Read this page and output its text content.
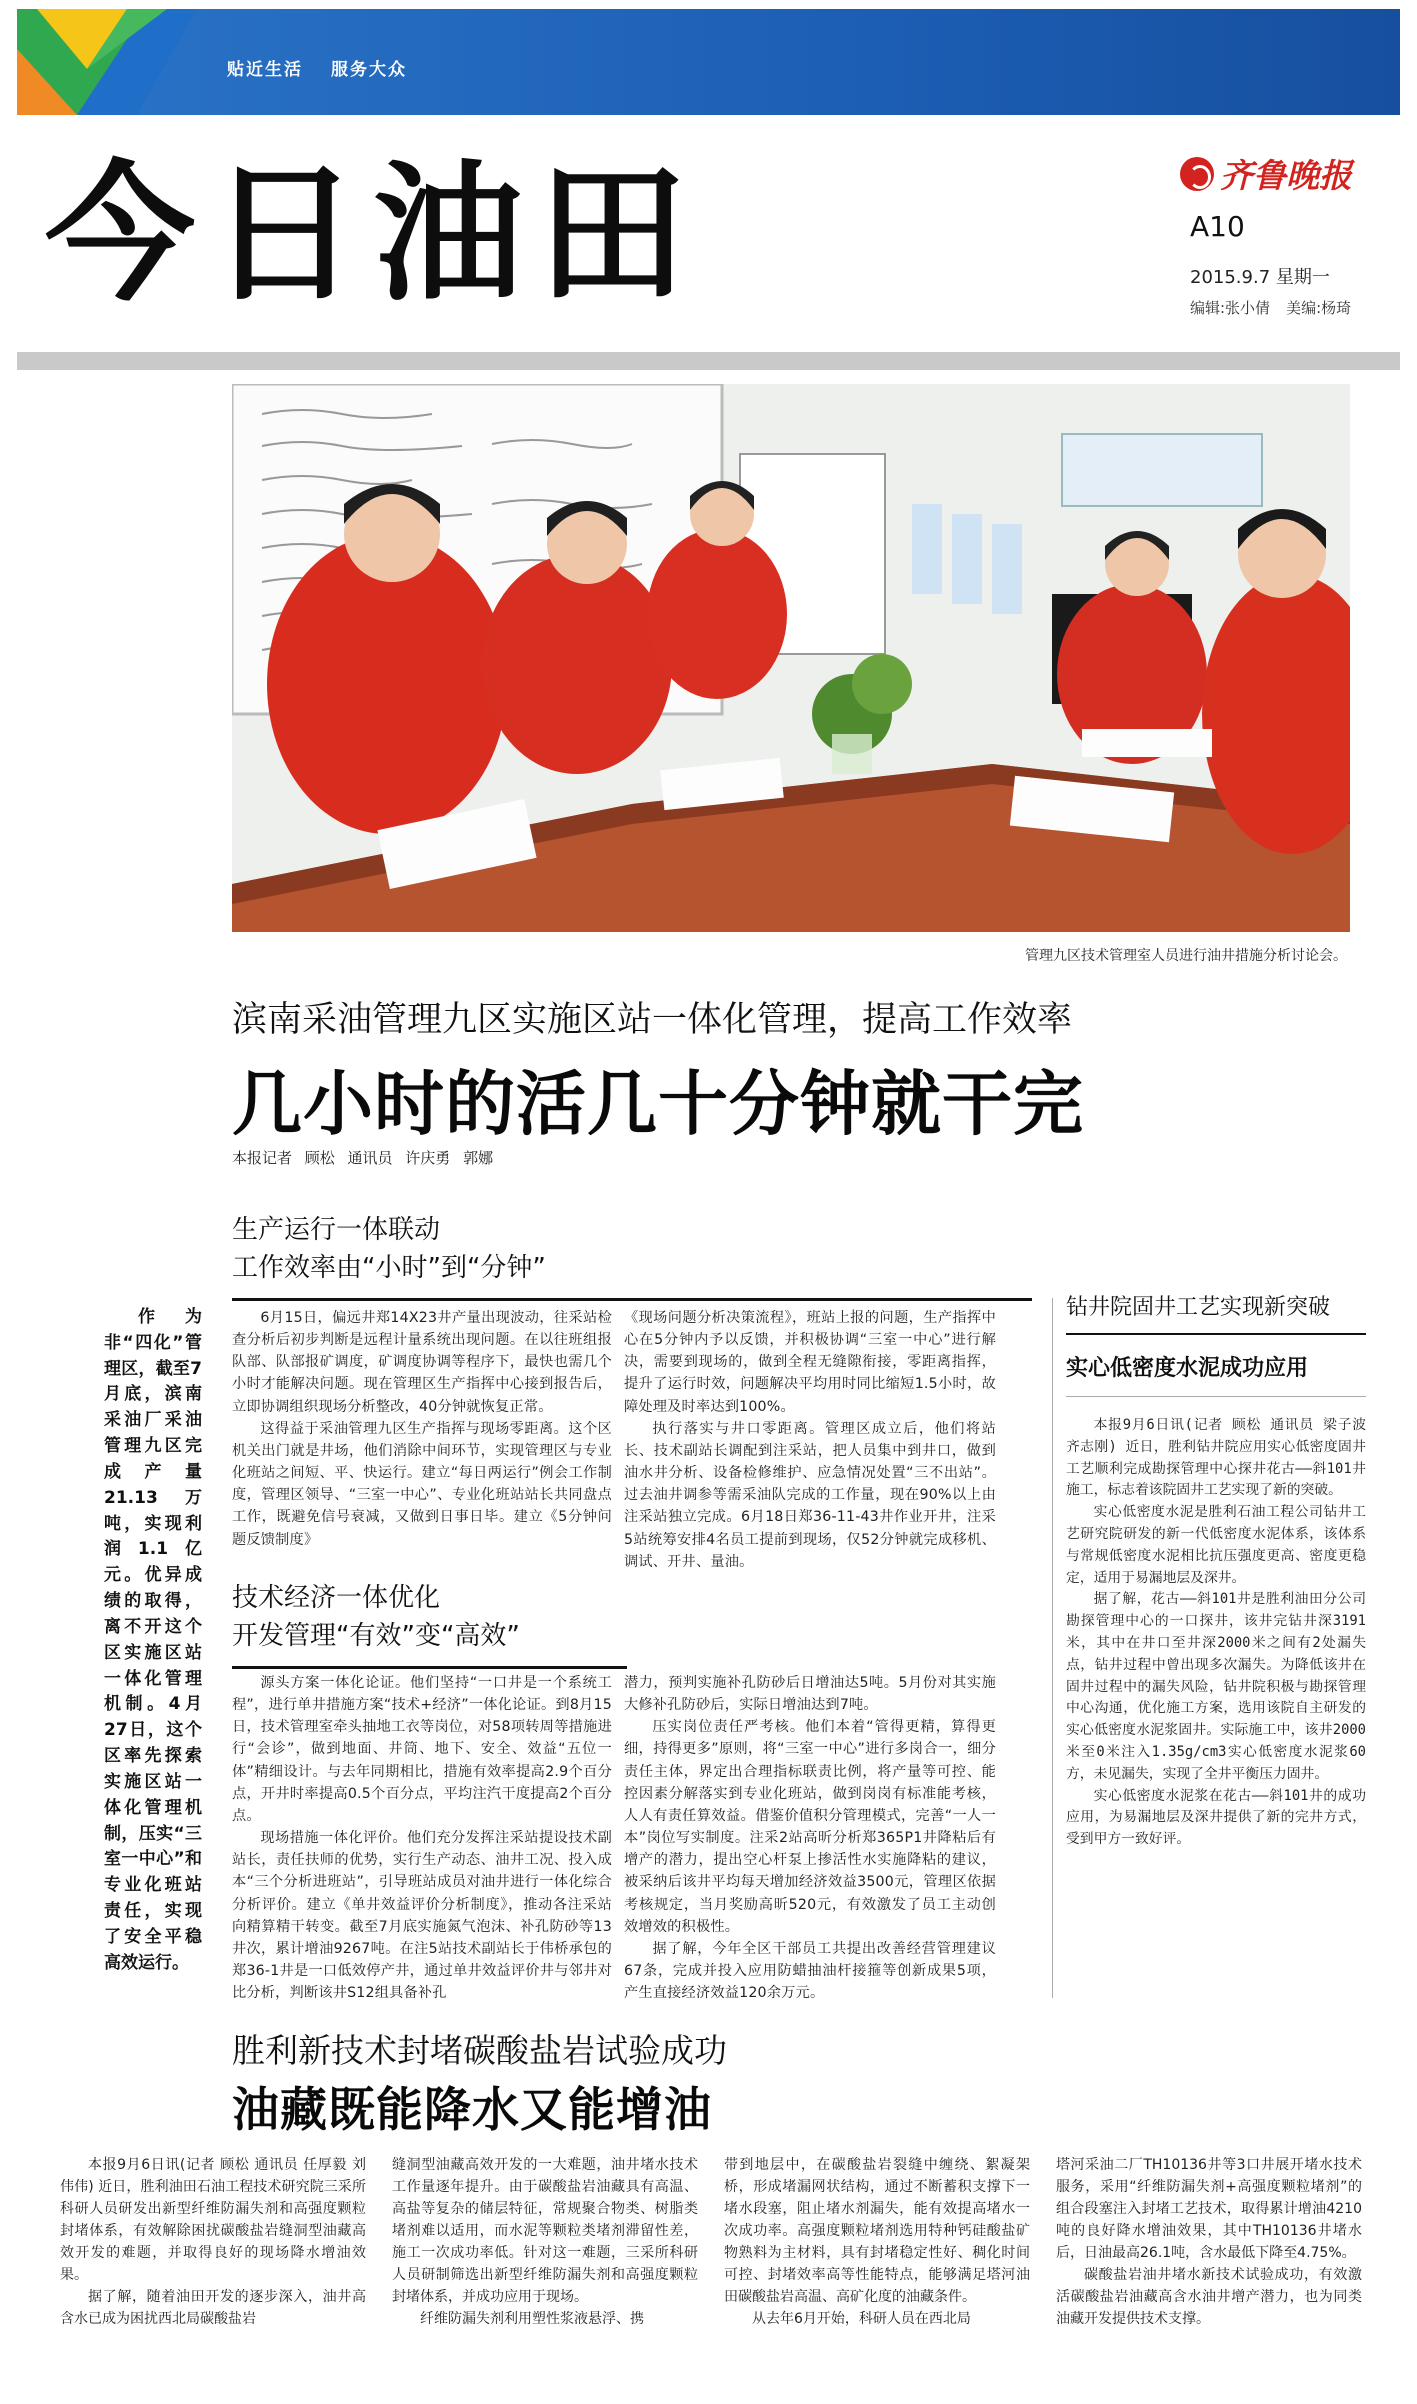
贴近生活 服务大众
今日油田	齐鲁晚报
A10
2015.9.7 星期一
编辑:张小倩 美编:杨琦
管理九区技术管理室人员进行油井措施分析讨论会。
滨南采油管理九区实施区站一体化管理，提高工作效率
几小时的活几十分钟就干完
本报记者 顾松 通讯员 许庆勇 郭娜
作为非“四化”管理区，截至7月底，滨南采油厂采油管理九区完成产量21.13万吨，实现利润1.1亿元。优异成绩的取得，离不开这个区实施区站一体化管理机制。4月27日，这个区率先探索实施区站一体化管理机制，压实“三室一中心”和专业化班站责任，实现了安全平稳高效运行。
生产运行一体联动
工作效率由“小时”到“分钟”

6月15日，偏远井郑14X23井产量出现波动，往采站检查分析后初步判断是远程计量系统出现问题。在以往班组报队部、队部报矿调度，矿调度协调等程序下，最快也需几个小时才能解决问题。现在管理区生产指挥中心接到报告后，立即协调组织现场分析整改，40分钟就恢复正常。

这得益于采油管理九区生产指挥与现场零距离。这个区机关出门就是井场，他们消除中间环节，实现管理区与专业化班站之间短、平、快运行。建立“每日两运行”例会工作制度，管理区领导、“三室一中心”、专业化班站站长共同盘点工作，既避免信号衰减，又做到日事日毕。建立《5分钟问题反馈制度》

《现场问题分析决策流程》，班站上报的问题，生产指挥中心在5分钟内予以反馈，并积极协调“三室一中心”进行解决，需要到现场的，做到全程无缝隙衔接，零距离指挥，提升了运行时效，问题解决平均用时同比缩短1.5小时，故障处理及时率达到100%。

执行落实与井口零距离。管理区成立后，他们将站长、技术副站长调配到注采站，把人员集中到井口，做到油水井分析、设备检修维护、应急情况处置“三不出站”。过去油井调参等需采油队完成的工作量，现在90%以上由注采站独立完成。6月18日郑36-11-43井作业开井，注采5站统筹安排4名员工提前到现场，仅52分钟就完成移机、调试、开井、量油。

技术经济一体优化
开发管理“有效”变“高效”

源头方案一体化论证。他们坚持“一口井是一个系统工程”，进行单井措施方案“技术+经济”一体化论证。到8月15日，技术管理室牵头抽地工衣等岗位，对58项转周等措施进行“会诊”，做到地面、井筒、地下、安全、效益“五位一体”精细设计。与去年同期相比，措施有效率提高2.9个百分点，开井时率提高0.5个百分点，平均注汽干度提高2个百分点。

现场措施一体化评价。他们充分发挥注采站提设技术副站长，责任扶师的优势，实行生产动态、油井工况、投入成本“三个分析进班站”，引导班站成员对油井进行一体化综合分析评价。建立《单井效益评价分析制度》，推动各注采站向精算精干转变。截至7月底实施氮气泡沫、补孔防砂等13井次，累计增油9267吨。在注5站技术副站长于伟桥承包的郑36-1井是一口低效停产井，通过单井效益评价井与邻井对比分析，判断该井S12组具备补孔

潜力，预判实施补孔防砂后日增油达5吨。5月份对其实施大修补孔防砂后，实际日增油达到7吨。

压实岗位责任严考核。他们本着“管得更精，算得更细，持得更多”原则，将“三室一中心”进行多岗合一，细分责任主体，界定出合理指标联责比例，将产量等可控、能控因素分解落实到专业化班站，做到岗岗有标准能考核，人人有责任算效益。借鉴价值积分管理模式，完善“一人一本”岗位写实制度。注采2站高昕分析郑365P1井降粘后有增产的潜力，提出空心杆泵上掺活性水实施降粘的建议，被采纳后该井平均每天增加经济效益3500元，管理区依据考核规定，当月奖励高昕520元，有效激发了员工主动创效增效的积极性。

据了解，今年全区干部员工共提出改善经营管理建议67条，完成并投入应用防蜡抽油杆接箍等创新成果5项，产生直接经济效益120余万元。

钻井院固井工艺实现新突破
实心低密度水泥成功应用

本报9月6日讯(记者 顾松 通讯员 梁子波 齐志刚) 近日，胜利钻井院应用实心低密度固井工艺顺利完成勘探管理中心探井花古——斜101井施工，标志着该院固井工艺实现了新的突破。

实心低密度水泥是胜利石油工程公司钻井工艺研究院研发的新一代低密度水泥体系，该体系与常规低密度水泥相比抗压强度更高、密度更稳定，适用于易漏地层及深井。

据了解，花古——斜101井是胜利油田分公司勘探管理中心的一口探井，该井完钻井深3191米，其中在井口至井深2000米之间有2处漏失点，钻井过程中曾出现多次漏失。为降低该井在固井过程中的漏失风险，钻井院积极与勘探管理中心沟通，优化施工方案，选用该院自主研发的实心低密度水泥浆固井。实际施工中，该井2000米至0米注入1.35g/cm3实心低密度水泥浆60方，未见漏失，实现了全井平衡压力固井。

实心低密度水泥浆在花古——斜101井的成功应用，为易漏地层及深井提供了新的完井方式，受到甲方一致好评。

胜利新技术封堵碳酸盐岩试验成功
油藏既能降水又能增油

本报9月6日讯(记者 顾松 通讯员 任厚毅 刘伟伟) 近日，胜利油田石油工程技术研究院三采所科研人员研发出新型纤维防漏失剂和高强度颗粒封堵体系，有效解除困扰碳酸盐岩缝洞型油藏高效开发的难题，并取得良好的现场降水增油效果。

据了解，随着油田开发的逐步深入，油井高含水已成为困扰西北局碳酸盐岩

缝洞型油藏高效开发的一大难题，油井堵水技术工作量逐年提升。由于碳酸盐岩油藏具有高温、高盐等复杂的储层特征，常规聚合物类、树脂类堵剂难以适用，而水泥等颗粒类堵剂滞留性差，施工一次成功率低。针对这一难题，三采所科研人员研制筛选出新型纤维防漏失剂和高强度颗粒封堵体系，并成功应用于现场。

纤维防漏失剂利用塑性浆液悬浮、携

带到地层中，在碳酸盐岩裂缝中缠绕、絮凝架桥，形成堵漏网状结构，通过不断蓄积支撑下一堵水段塞，阻止堵水剂漏失，能有效提高堵水一次成功率。高强度颗粒堵剂选用特种钙硅酸盐矿物熟料为主材料，具有封堵稳定性好、稠化时间可控、封堵效率高等性能特点，能够满足塔河油田碳酸盐岩高温、高矿化度的油藏条件。

从去年6月开始，科研人员在西北局

塔河采油二厂TH10136井等3口井展开堵水技术服务，采用“纤维防漏失剂+高强度颗粒堵剂”的组合段塞注入封堵工艺技术，取得累计增油4210吨的良好降水增油效果，其中TH10136井堵水后，日油最高26.1吨，含水最低下降至4.75%。

碳酸盐岩油井堵水新技术试验成功，有效激活碳酸盐岩油藏高含水油井增产潜力，也为同类油藏开发提供技术支撑。
